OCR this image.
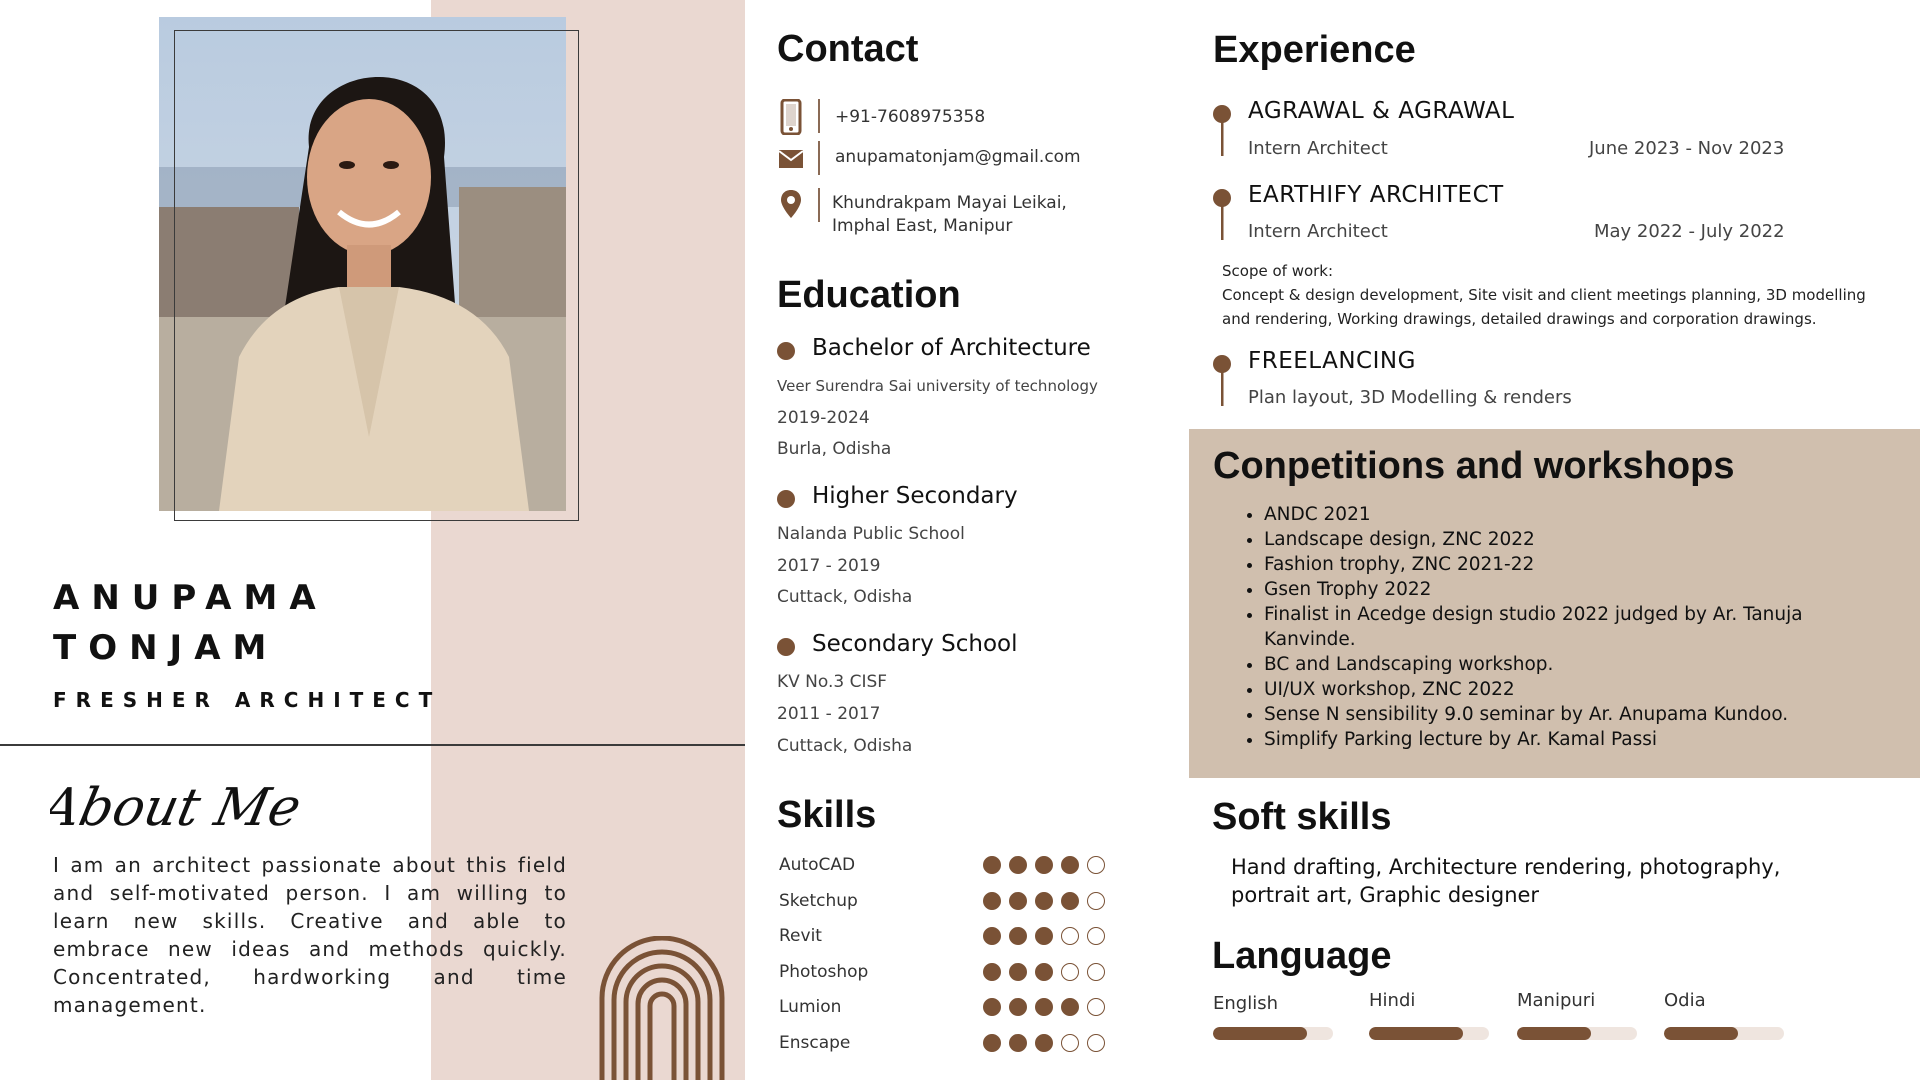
ANUPAMA
TONJAM
FRESHER ARCHITECT
About Me
I am an architect passionate about this field and self-motivated person. I am willing to learn new skills. Creative and able to embrace new ideas and methods quickly. Concentrated, hardworking and time management.
Contact
+91-7608975358
anupamatonjam@gmail.com
Khundrakpam Mayai Leikai,
Imphal East, Manipur
Education
Bachelor of Architecture
Veer Surendra Sai university of technology
2019-2024
Burla, Odisha
Higher Secondary
Nalanda Public School
2017 - 2019
Cuttack, Odisha
Secondary School
KV No.3 CISF
2011 - 2017
Cuttack, Odisha
Skills
AutoCAD
Sketchup
Revit
Photoshop
Lumion
Enscape
Experience
AGRAWAL & AGRAWAL
Intern Architect	June 2023 - Nov 2023
EARTHIFY ARCHITECT
Intern Architect	May 2022 - July 2022
Scope of work:
Concept & design development, Site visit and client meetings planning, 3D modelling and rendering, Working drawings, detailed drawings and corporation drawings.
FREELANCING
Plan layout, 3D Modelling & renders
Conpetitions and workshops
• ANDC 2021
• Landscape design, ZNC 2022
• Fashion trophy, ZNC 2021-22
• Gsen Trophy 2022
• Finalist in Acedge design studio 2022 judged by Ar. Tanuja Kanvinde.
• BC and Landscaping workshop.
• UI/UX workshop, ZNC 2022
• Sense N sensibility 9.0 seminar by Ar. Anupama Kundoo.
• Simplify Parking lecture by Ar. Kamal Passi
Soft skills
Hand drafting, Architecture rendering, photography, portrait art, Graphic designer
Language
English	Hindi	Manipuri	Odia
